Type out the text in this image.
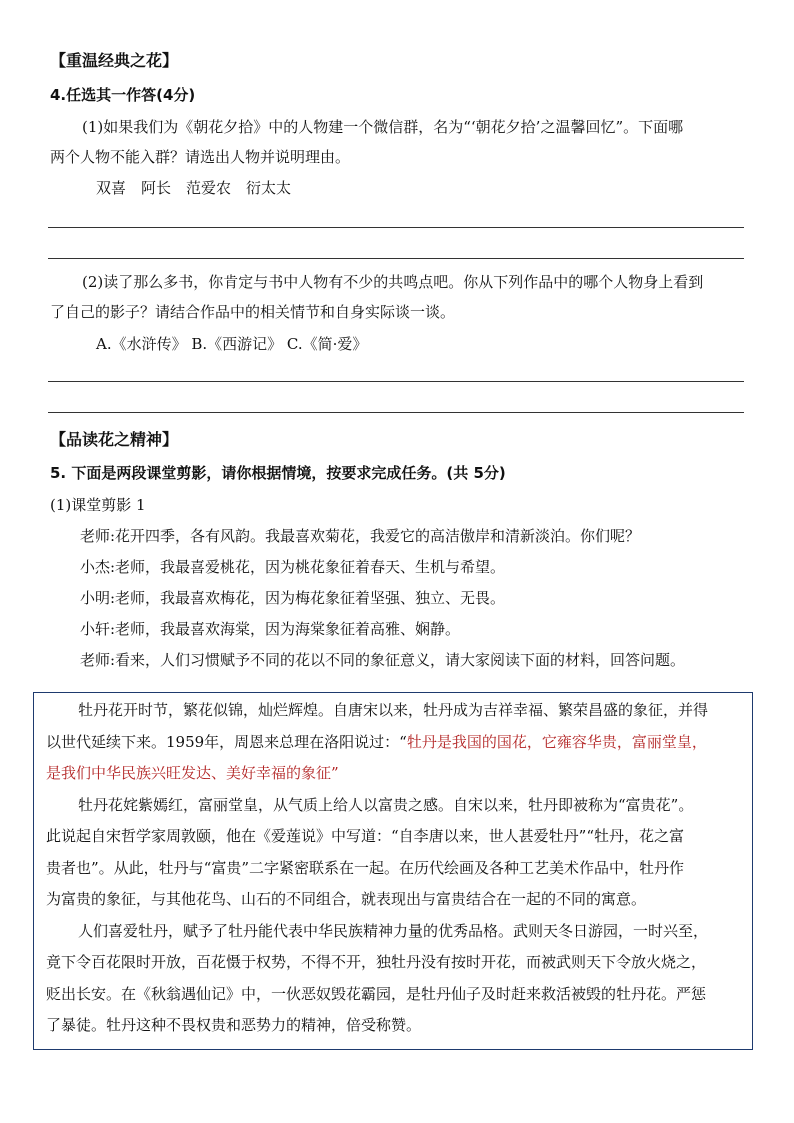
【重温经典之花】
4.任选其一作答(4分)
(1)如果我们为《朝花夕拾》中的人物建一个微信群，名为“‘朝花夕拾’之温馨回忆”。下面哪
两个人物不能入群？请选出人物并说明理由。
双喜　阿长　范爱农　衍太太
(2)读了那么多书，你肯定与书中人物有不少的共鸣点吧。你从下列作品中的哪个人物身上看到
了自己的影子？请结合作品中的相关情节和自身实际谈一谈。
A.《水浒传》 B.《西游记》 C.《简·爱》
【品读花之精神】
5. 下面是两段课堂剪影，请你根据情境，按要求完成任务。(共 5分)
(1)课堂剪影 1
老师:花开四季，各有风韵。我最喜欢菊花，我爱它的高洁傲岸和清新淡泊。你们呢？
小杰:老师，我最喜爱桃花，因为桃花象征着春天、生机与希望。
小明:老师，我最喜欢梅花，因为梅花象征着坚强、独立、无畏。
小轩:老师，我最喜欢海棠，因为海棠象征着高雅、娴静。
老师:看来，人们习惯赋予不同的花以不同的象征意义，请大家阅读下面的材料，回答问题。
牡丹花开时节，繁花似锦，灿烂辉煌。自唐宋以来，牡丹成为吉祥幸福、繁荣昌盛的象征，并得
以世代延续下来。1959年，周恩来总理在洛阳说过：“牡丹是我国的国花，它雍容华贵，富丽堂皇，
是我们中华民族兴旺发达、美好幸福的象征”
牡丹花姹紫嫣红，富丽堂皇，从气质上给人以富贵之感。自宋以来，牡丹即被称为“富贵花”。
此说起自宋哲学家周敦颐，他在《爱莲说》中写道：“自李唐以来，世人甚爱牡丹”“牡丹，花之富
贵者也”。从此，牡丹与“富贵”二字紧密联系在一起。在历代绘画及各种工艺美术作品中，牡丹作
为富贵的象征，与其他花鸟、山石的不同组合，就表现出与富贵结合在一起的不同的寓意。
人们喜爱牡丹，赋予了牡丹能代表中华民族精神力量的优秀品格。武则天冬日游园，一时兴至，
竟下令百花限时开放，百花慑于权势，不得不开，独牡丹没有按时开花，而被武则天下令放火烧之，
贬出长安。在《秋翁遇仙记》中，一伙恶奴毁花霸园，是牡丹仙子及时赶来救活被毁的牡丹花。严惩
了暴徒。牡丹这种不畏权贵和恶势力的精神，倍受称赞。
